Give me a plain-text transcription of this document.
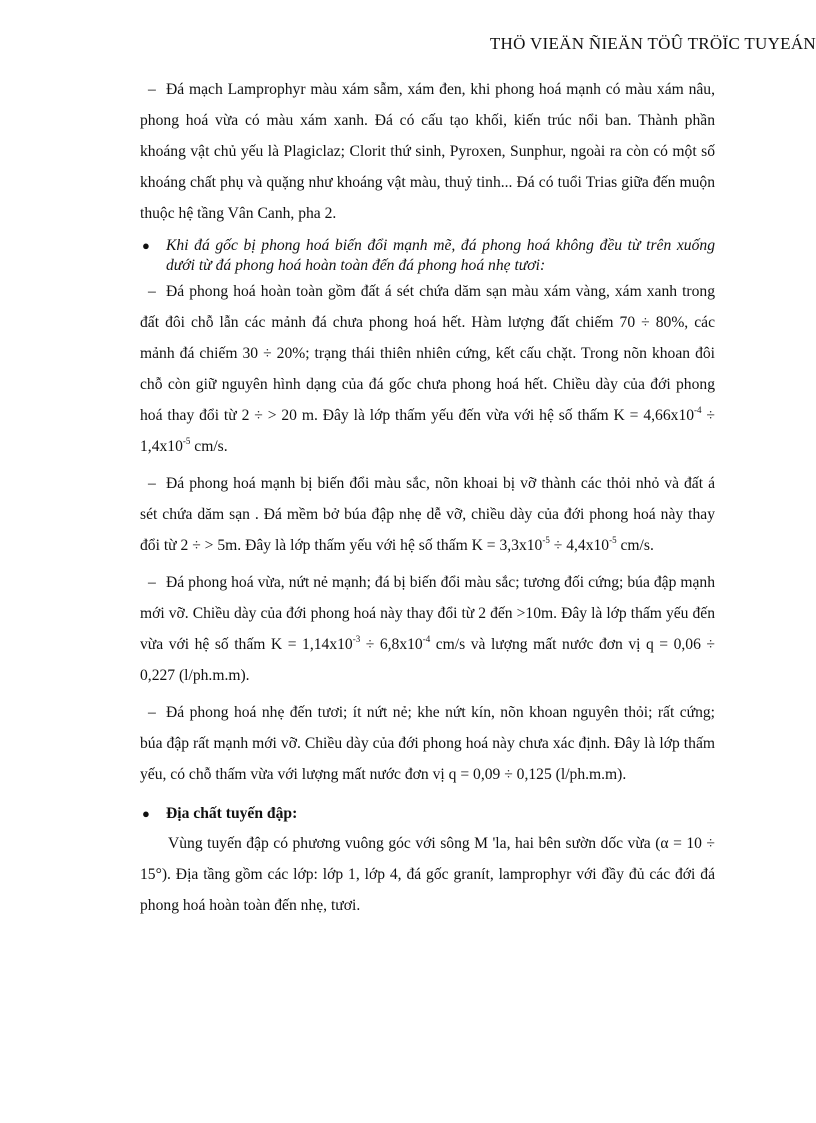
THÖ VIEÄN ÑIEÄN TÖÛ TRÖÏC TUYEÁN

– Đá mạch Lamprophyr màu xám sẫm, xám đen, khi phong hoá mạnh có màu xám nâu, phong hoá vừa có màu xám xanh. Đá có cấu tạo khối, kiến trúc nổi ban. Thành phần khoáng vật chủ yếu là Plagiclaz; Clorit thứ sinh, Pyroxen, Sunphur, ngoài ra còn có một số khoáng chất phụ và quặng như khoáng vật màu, thuỷ tinh... Đá có tuổi Trias giữa đến muộn thuộc hệ tầng Vân Canh, pha 2.

●	Khi đá gốc bị phong hoá biến đổi mạnh mẽ, đá phong hoá không đều từ trên xuống dưới từ đá phong hoá hoàn toàn đến đá phong hoá nhẹ tươi:

– Đá phong hoá hoàn toàn gồm đất á sét chứa dăm sạn màu xám vàng, xám xanh trong đất đôi chỗ lẫn các mảnh đá chưa phong hoá hết. Hàm lượng đất chiếm 70 ÷ 80%, các mảnh đá chiếm 30 ÷ 20%; trạng thái thiên nhiên cứng, kết cấu chặt. Trong nõn khoan đôi chỗ còn giữ nguyên hình dạng của đá gốc chưa phong hoá hết. Chiều dày của đới phong hoá thay đổi từ 2 ÷ > 20 m. Đây là lớp thấm yếu đến vừa với hệ số thấm $K = 4,66x10^{-4} \div 1,4x10^{-5}$ cm/s.

– Đá phong hoá mạnh bị biến đổi màu sắc, nõn khoai bị vỡ thành các thỏi nhỏ và đất á sét chứa dăm sạn . Đá mềm bở búa đập nhẹ dễ vỡ, chiều dày của đới phong hoá này thay đổi từ 2 ÷ > 5m. Đây là lớp thấm yếu với hệ số thấm $K = 3,3x10^{-5} \div 4,4x10^{-5}$ cm/s.

– Đá phong hoá vừa, nứt nẻ mạnh; đá bị biến đổi màu sắc; tương đối cứng; búa đập mạnh mới vỡ. Chiều dày của đới phong hoá này thay đổi từ 2 đến >10m. Đây là lớp thấm yếu đến vừa với hệ số thấm $K = 1,14x10^{-3} \div 6,8x10^{-4}$ cm/s và lượng mất nước đơn vị q = 0,06 ÷ 0,227 (l/ph.m.m).

– Đá phong hoá nhẹ đến tươi; ít nứt nẻ; khe nứt kín, nõn khoan nguyên thỏi; rất cứng; búa đập rất mạnh mới vỡ. Chiều dày của đới phong hoá này chưa xác định. Đây là lớp thấm yếu, có chỗ thấm vừa với lượng mất nước đơn vị q = 0,09 ÷ 0,125 (l/ph.m.m).

●	Địa chất tuyến đập:

Vùng tuyến đập có phương vuông góc với sông M 'la, hai bên sườn dốc vừa (α = 10 ÷ 15°). Địa tầng gồm các lớp: lớp 1, lớp 4, đá gốc granít, lamprophyr với đầy đủ các đới đá phong hoá hoàn toàn đến nhẹ, tươi.
